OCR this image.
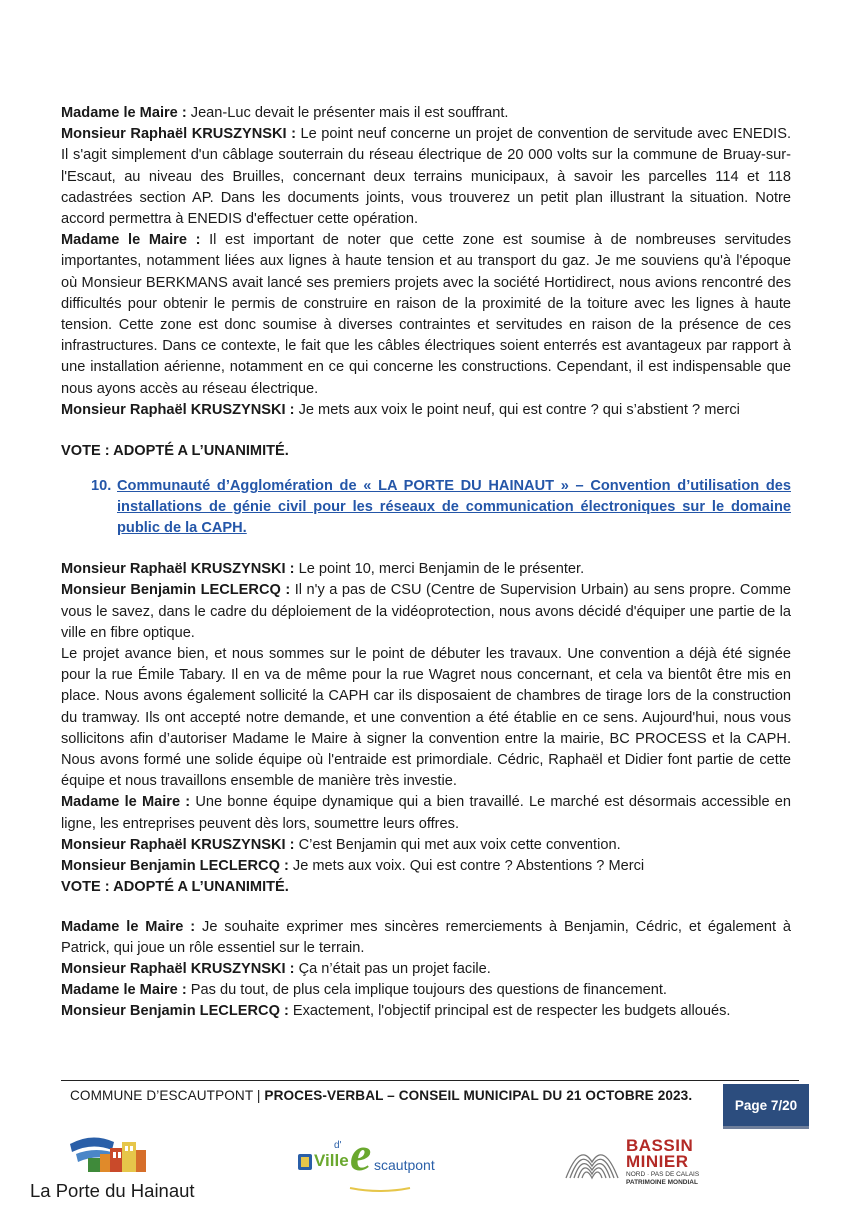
Madame le Maire : Jean-Luc devait le présenter mais il est souffrant.

Monsieur Raphaël KRUSZYNSKI : Le point neuf concerne un projet de convention de servitude avec ENEDIS. Il s'agit simplement d'un câblage souterrain du réseau électrique de 20 000 volts sur la commune de Bruay-sur-l'Escaut, au niveau des Bruilles, concernant deux terrains municipaux, à savoir les parcelles 114 et 118 cadastrées section AP. Dans les documents joints, vous trouverez un petit plan illustrant la situation. Notre accord permettra à ENEDIS d'effectuer cette opération.

Madame le Maire : Il est important de noter que cette zone est soumise à de nombreuses servitudes importantes, notamment liées aux lignes à haute tension et au transport du gaz. Je me souviens qu'à l'époque où Monsieur BERKMANS avait lancé ses premiers projets avec la société Hortidirect, nous avions rencontré des difficultés pour obtenir le permis de construire en raison de la proximité de la toiture avec les lignes à haute tension. Cette zone est donc soumise à diverses contraintes et servitudes en raison de la présence de ces infrastructures. Dans ce contexte, le fait que les câbles électriques soient enterrés est avantageux par rapport à une installation aérienne, notamment en ce qui concerne les constructions. Cependant, il est indispensable que nous ayons accès au réseau électrique.

Monsieur Raphaël KRUSZYNSKI : Je mets aux voix le point neuf, qui est contre ? qui s’abstient ? merci

VOTE : ADOPTÉ A L’UNANIMITÉ.

10. Communauté d’Agglomération de « LA PORTE DU HAINAUT » – Convention d’utilisation des installations de génie civil pour les réseaux de communication électroniques sur le domaine public de la CAPH.

Monsieur Raphaël KRUSZYNSKI : Le point 10, merci Benjamin de le présenter.

Monsieur Benjamin LECLERCQ : Il n'y a pas de CSU (Centre de Supervision Urbain) au sens propre. Comme vous le savez, dans le cadre du déploiement de la vidéoprotection, nous avons décidé d'équiper une partie de la ville en fibre optique.

Le projet avance bien, et nous sommes sur le point de débuter les travaux. Une convention a déjà été signée pour la rue Émile Tabary. Il en va de même pour la rue Wagret nous concernant, et cela va bientôt être mis en place. Nous avons également sollicité la CAPH car ils disposaient de chambres de tirage lors de la construction du tramway. Ils ont accepté notre demande, et une convention a été établie en ce sens. Aujourd'hui, nous vous sollicitons afin d’autoriser Madame le Maire à signer la convention entre la mairie, BC PROCESS et la CAPH. Nous avons formé une solide équipe où l'entraide est primordiale. Cédric, Raphaël et Didier font partie de cette équipe et nous travaillons ensemble de manière très investie.

Madame le Maire : Une bonne équipe dynamique qui a bien travaillé. Le marché est désormais accessible en ligne, les entreprises peuvent dès lors, soumettre leurs offres.

Monsieur Raphaël KRUSZYNSKI : C’est Benjamin qui met aux voix cette convention.

Monsieur Benjamin LECLERCQ : Je mets aux voix. Qui est contre ? Abstentions ? Merci

VOTE : ADOPTÉ A L’UNANIMITÉ.

Madame le Maire : Je souhaite exprimer mes sincères remerciements à Benjamin, Cédric, et également à Patrick, qui joue un rôle essentiel sur le terrain.

Monsieur Raphaël KRUSZYNSKI : Ça n’était pas un projet facile.

Madame le Maire : Pas du tout, de plus cela implique toujours des questions de financement.

Monsieur Benjamin LECLERCQ : Exactement, l'objectif principal est de respecter les budgets alloués.

COMMUNE D’ESCAUTPONT | PROCES-VERBAL – CONSEIL MUNICIPAL DU 21 OCTOBRE 2023.
Page 7/20
La Porte du Hainaut
Ville
d' e scautpont
BASSIN MINIER
NORD · PAS DE CALAIS
PATRIMOINE MONDIAL
